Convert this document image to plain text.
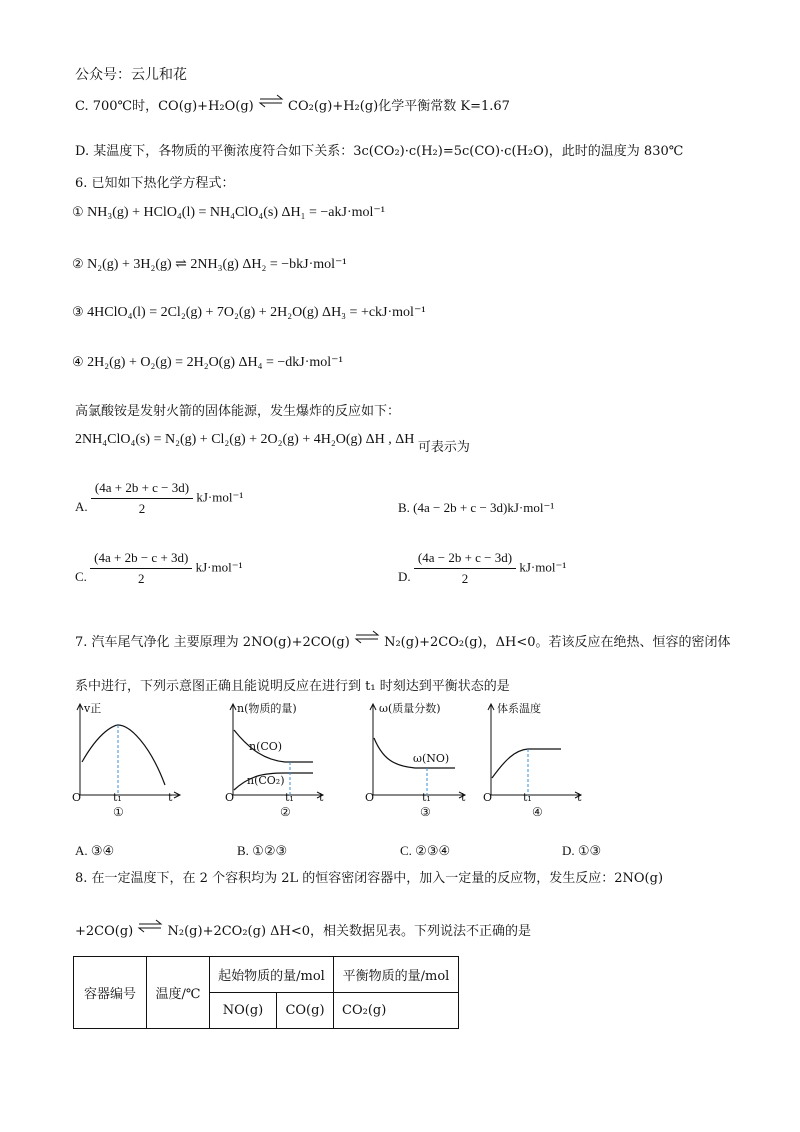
公众号：云儿和花
C. 700℃时，CO(g)+H₂O(g) ⇌ CO₂(g)+H₂(g)化学平衡常数 K=1.67
D. 某温度下，各物质的平衡浓度符合如下关系：3c(CO₂)·c(H₂)=5c(CO)·c(H₂O)，此时的温度为 830℃
6. 已知如下热化学方程式：
① NH₃(g) + HClO₄(l) = NH₄ClO₄(s) ΔH₁ = −akJ·mol⁻¹
② N₂(g) + 3H₂(g) ⇌ 2NH₃(g) ΔH₂ = −bkJ·mol⁻¹
③ 4HClO₄(l) = 2Cl₂(g) + 7O₂(g) + 2H₂O(g) ΔH₃ = +ckJ·mol⁻¹
④ 2H₂(g) + O₂(g) = 2H₂O(g) ΔH₄ = −dkJ·mol⁻¹
高氯酸铵是发射火箭的固体能源，发生爆炸的反应如下：
2NH₄ClO₄(s) = N₂(g) + Cl₂(g) + 2O₂(g) + 4H₂O(g) ΔH , ΔH 可表示为
A. $\frac{(4a + 2b + c - 3d)}{2} kJ\cdot mol^{-1}$
B. (4a − 2b + c − 3d)kJ·mol⁻¹
C. $\frac{(4a + 2b - c + 3d)}{2} kJ\cdot mol^{-1}$
D. $\frac{(4a - 2b + c - 3d)}{2} kJ\cdot mol^{-1}$
7. 汽车尾气净化 主要原理为 2NO(g)+2CO(g) ⇌ N₂(g)+2CO₂(g)，ΔH<0。若该反应在绝热、恒容的密闭体
系中进行，下列示意图正确且能说明反应在进行到 t₁ 时刻达到平衡状态的是
v正
O	t₁	t
①
n(物质的量)
n(CO)
n(CO₂)
O	t₁ t
②
ω(质量分数)
ω(NO)
O	t₁	t
③
体系温度
O	t₁	t
④
A. ③④	B. ①②③	C. ②③④	D. ①③
8. 在一定温度下，在 2 个容积均为 2L 的恒容密闭容器中，加入一定量的反应物，发生反应：2NO(g)
+2CO(g) ⇌ N₂(g)+2CO₂(g) ΔH<0，相关数据见表。下列说法不正确的是
容器编号	温度/℃	起始物质的量/mol		平衡物质的量/mol
		NO(g)	CO(g)	CO₂(g)
